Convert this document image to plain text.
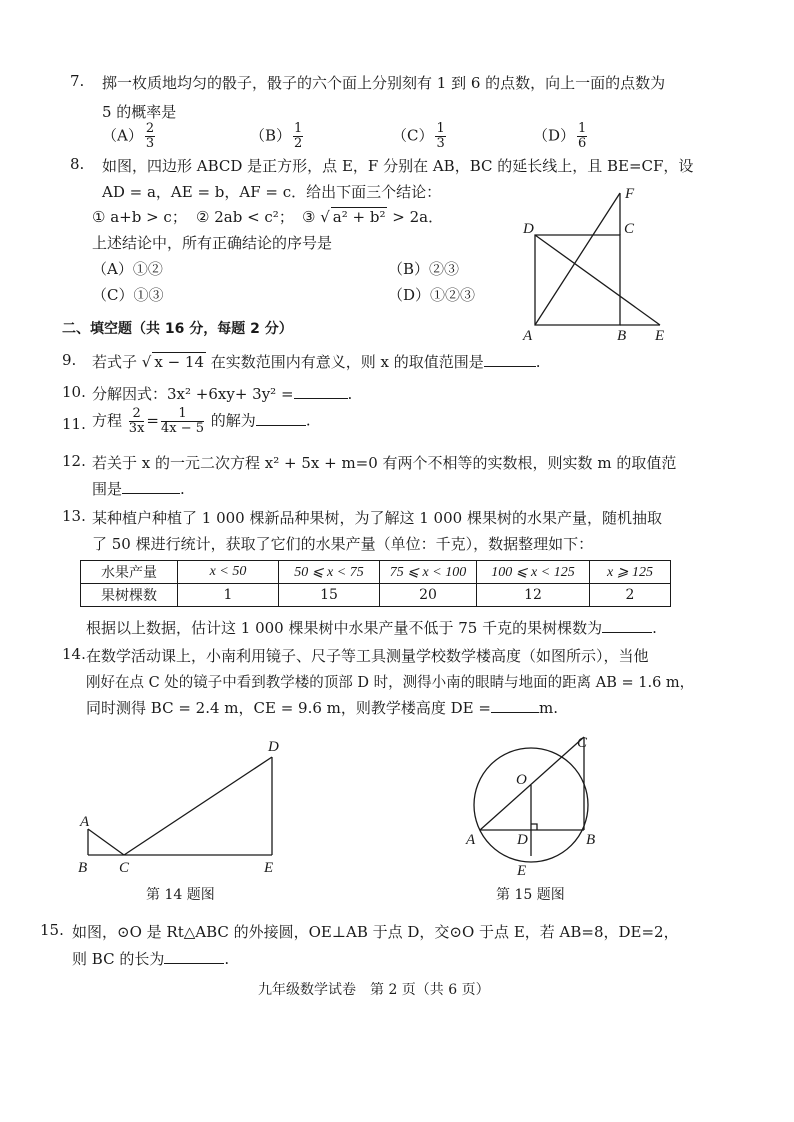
7. 掷一枚质地均匀的骰子，骰子的六个面上分别刻有 1 到 6 的点数，向上一面的点数为
5 的概率是
$(A) \frac{2}{3}$	$(B) \frac{1}{2}$	$(C) \frac{1}{3}$	$(D) \frac{1}{6}$
8. 如图，四边形 ABCD 是正方形，点 E，F 分别在 AB，BC 的延长线上，且 BE=CF，设
AD = a，AE = b，AF = c．给出下面三个结论：
① a+b > c； ② 2ab < c²； ③ √ a² + b² > 2a．
上述结论中，所有正确结论的序号是
（A）①②	（B）②③
（C）①③	（D）①②③
D	C
F
A	B E
二、填空题（共 16 分，每题 2 分）
9. 若式子 √ x − 14 在实数范围内有意义，则 x 的取值范围是	.
10. 分解因式：3x² +6xy+ 3y² =	.
11. 方程 $\frac{2}{3x} = \frac{1}{4x - 5}$ 的解为	.
12. 若关于 x 的一元二次方程 x² + 5x + m=0 有两个不相等的实数根，则实数 m 的取值范
围是	.
13. 某种植户种植了 1 000 棵新品种果树，为了解这 1 000 棵果树的水果产量，随机抽取
了 50 棵进行统计，获取了它们的水果产量（单位：千克），数据整理如下：
水果产量	x < 50	50 ⩽ x < 75	75 ⩽ x < 100	100 ⩽ x < 125	x ⩾ 125
果树棵数	1	15	20	12	2
根据以上数据，估计这 1 000 棵果树中水果产量不低于 75 千克的果树棵数为	.
14. 在数学活动课上，小南利用镜子、尺子等工具测量学校数学楼高度（如图所示），当他
刚好在点 C 处的镜子中看到教学楼的顶部 D 时，测得小南的眼睛与地面的距离 AB = 1.6 m，
同时测得 BC = 2.4 m，CE = 9.6 m，则教学楼高度 DE =	m.
A
B C
D
E
第 14 题图
C
O
A	D	B
E
第 15 题图
15. 如图，⊙O 是 Rt△ABC 的外接圆，OE⊥AB 于点 D，交⊙O 于点 E，若 AB=8，DE=2，
则 BC 的长为	.
九年级数学试卷　第 2 页（共 6 页）
